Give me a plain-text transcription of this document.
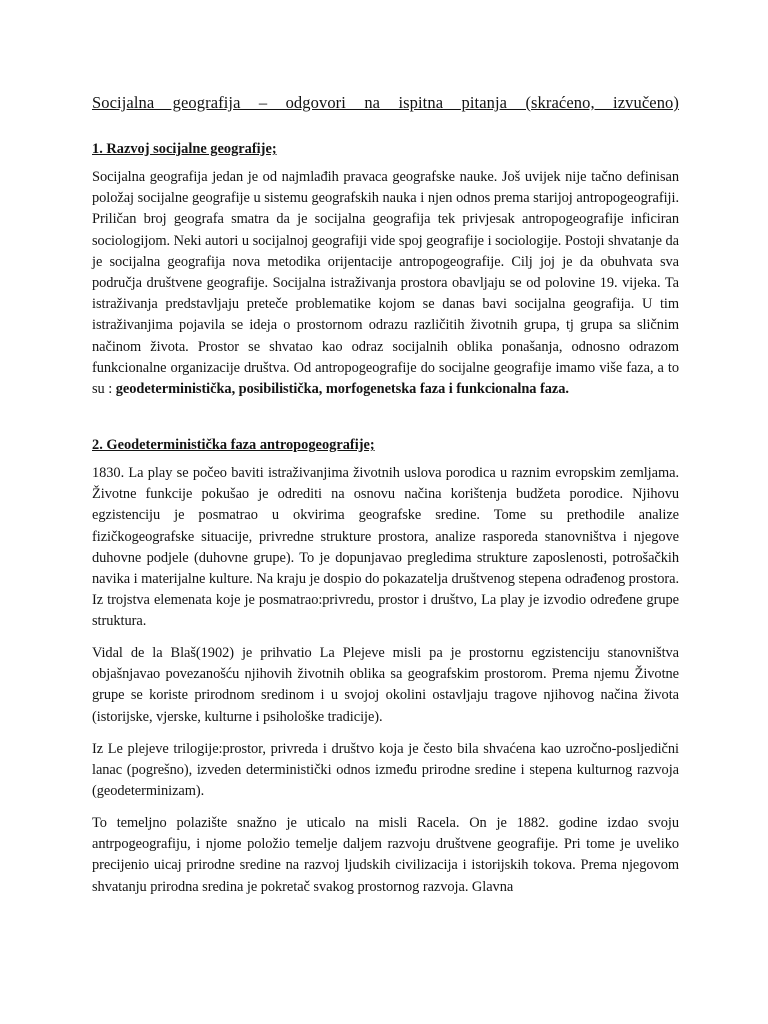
Socijalna geografija – odgovori na ispitna pitanja (skraćeno, izvučeno)
1. Razvoj socijalne geografije;

Socijalna geografija jedan je od najmlađih pravaca geografske nauke. Još uvijek nije tačno definisan položaj socijalne geografije u sistemu geografskih nauka i njen odnos prema starijoj antropogeografiji. Priličan broj geografa smatra da je socijalna geografija tek privjesak antropogeografije inficiran sociologijom. Neki autori u socijalnoj geografiji vide spoj geografije i sociologije. Postoji shvatanje da je socijalna geografija nova metodika orijentacije antropogeografije. Cilj joj je da obuhvata sva područja društvene geografije. Socijalna istraživanja prostora obavljaju se od polovine 19. vijeka. Ta istraživanja predstavljaju preteče problematike kojom se danas bavi socijalna geografija. U tim istraživanjima pojavila se ideja o prostornom odrazu različitih životnih grupa, tj grupa sa sličnim načinom života. Prostor se shvatao kao odraz socijalnih oblika ponašanja, odnosno odrazom funkcionalne organizacije društva. Od antropogeografije do socijalne geografije imamo više faza, a to su : geodeterministička, posibilistička, morfogenetska faza i funkcionalna faza.

2. Geodeterministička faza antropogeografije;

1830. La play se počeo baviti istraživanjima životnih uslova porodica u raznim evropskim zemljama. Životne funkcije pokušao je odrediti na osnovu načina korištenja budžeta porodice. Njihovu egzistenciju je posmatrao u okvirima geografske sredine. Tome su prethodile analize fizičkogeografske situacije, privredne strukture prostora, analize rasporeda stanovništva i njegove duhovne podjele (duhovne grupe). To je dopunjavao pregledima strukture zaposlenosti, potrošačkih navika i materijalne kulture. Na kraju je dospio do pokazatelja društvenog stepena odrađenog prostora. Iz trojstva elemenata koje je posmatrao:privredu, prostor i društvo, La play je izvodio određene grupe struktura.

Vidal de la Blaš(1902) je prihvatio La Plejeve misli pa je prostornu egzistenciju stanovništva objašnjavao povezanošću njihovih životnih oblika sa geografskim prostorom. Prema njemu Životne grupe se koriste prirodnom sredinom i u svojoj okolini ostavljaju tragove njihovog načina života (istorijske, vjerske, kulturne i psihološke tradicije).

Iz Le plejeve trilogije:prostor, privreda i društvo koja je često bila shvaćena kao uzročno-posljedični lanac (pogrešno), izveden deterministički odnos između prirodne sredine i stepena kulturnog razvoja (geodeterminizam).

To temeljno polazište snažno je uticalo na misli Racela. On je 1882. godine izdao svoju antrpogeografiju, i njome položio temelje daljem razvoju društvene geografije. Pri tome je uveliko precijenio uicaj prirodne sredine na razvoj ljudskih civilizacija i istorijskih tokova. Prema njegovom shvatanju prirodna sredina je pokretač svakog prostornog razvoja. Glavna
